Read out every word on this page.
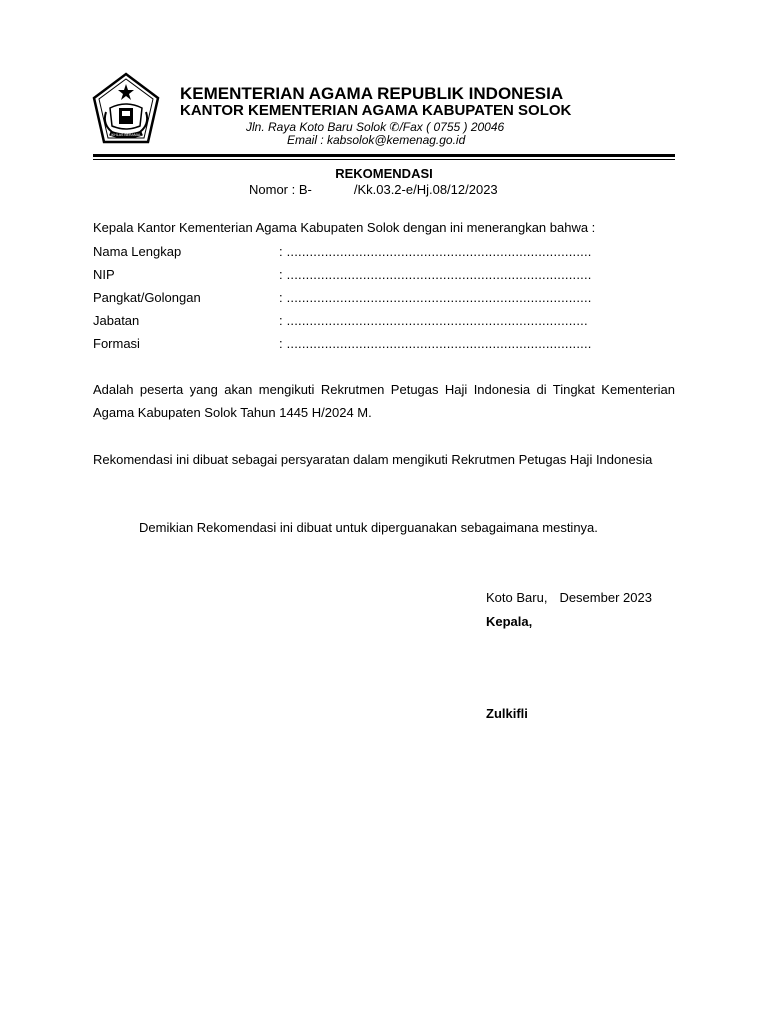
IKHLAS BERAMAL
KEMENTERIAN AGAMA REPUBLIK INDONESIA
KANTOR KEMENTERIAN AGAMA KABUPATEN SOLOK
Jln. Raya Koto Baru Solok ✆/Fax ( 0755 ) 20046
Email : kabsolok@kemenag.go.id
REKOMENDASI
Nomor : B-	/Kk.03.2-e/Hj.08/12/2023
Kepala Kantor Kementerian Agama Kabupaten Solok dengan ini menerangkan bahwa :
Nama Lengkap	: ................................................................................
NIP	: ................................................................................
Pangkat/Golongan	: ................................................................................
Jabatan	: ...............................................................................
Formasi	: ................................................................................
Adalah peserta yang akan mengikuti Rekrutmen Petugas Haji Indonesia di Tingkat Kementerian Agama Kabupaten Solok Tahun 1445 H/2024 M.
Rekomendasi ini dibuat sebagai persyaratan dalam mengikuti Rekrutmen Petugas Haji Indonesia
Demikian Rekomendasi ini dibuat untuk diperguanakan sebagaimana mestinya.
Koto Baru, Desember 2023
Kepala,
Zulkifli
